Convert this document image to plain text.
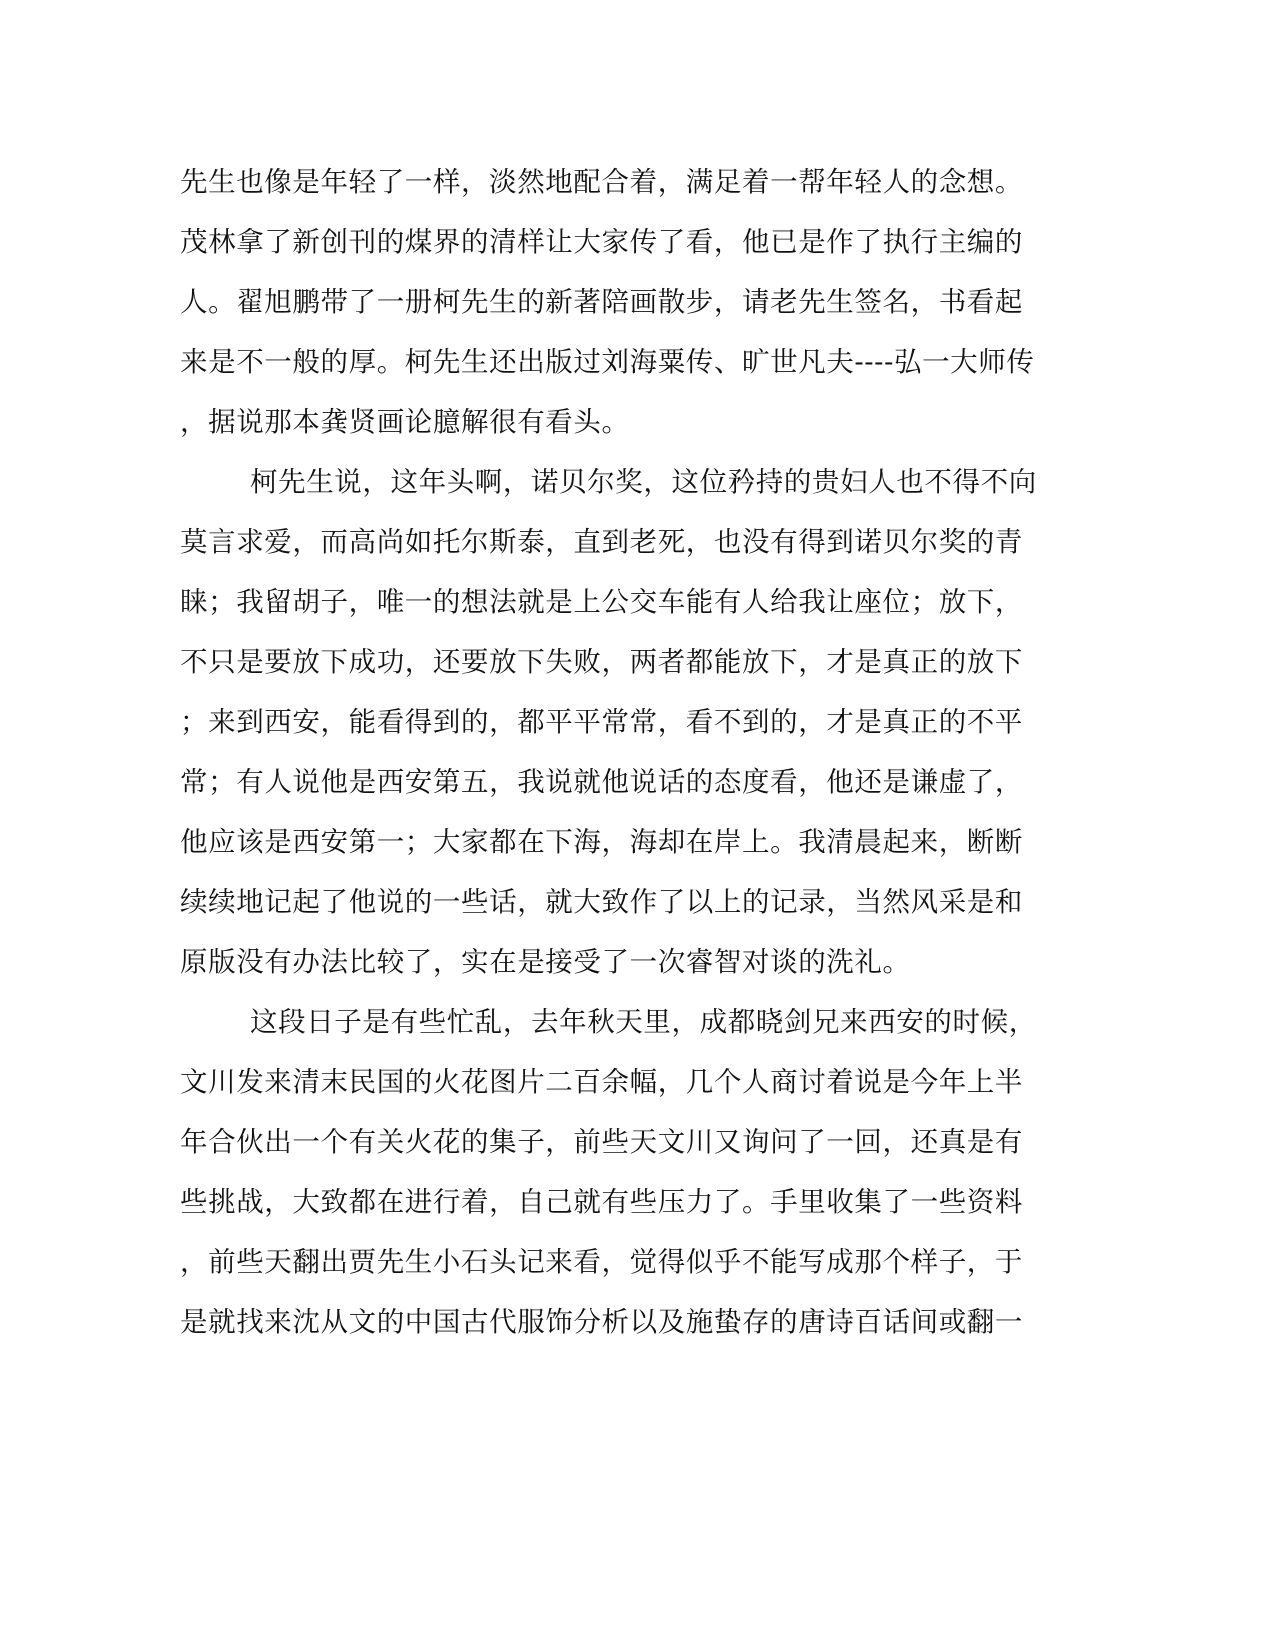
先生也像是年轻了一样，淡然地配合着，满足着一帮年轻人的念想。
茂林拿了新创刊的煤界的清样让大家传了看，他已是作了执行主编的
人。翟旭鹏带了一册柯先生的新著陪画散步，请老先生签名，书看起
来是不一般的厚。柯先生还出版过刘海粟传、旷世凡夫----弘一大师传
，据说那本龚贤画论臆解很有看头。
柯先生说，这年头啊，诺贝尔奖，这位矜持的贵妇人也不得不向
莫言求爱，而高尚如托尔斯泰，直到老死，也没有得到诺贝尔奖的青
睐；我留胡子，唯一的想法就是上公交车能有人给我让座位；放下，
不只是要放下成功，还要放下失败，两者都能放下，才是真正的放下
；来到西安，能看得到的，都平平常常，看不到的，才是真正的不平
常；有人说他是西安第五，我说就他说话的态度看，他还是谦虚了，
他应该是西安第一；大家都在下海，海却在岸上。我清晨起来，断断
续续地记起了他说的一些话，就大致作了以上的记录，当然风采是和
原版没有办法比较了，实在是接受了一次睿智对谈的洗礼。
这段日子是有些忙乱，去年秋天里，成都晓剑兄来西安的时候，
文川发来清末民国的火花图片二百余幅，几个人商讨着说是今年上半
年合伙出一个有关火花的集子，前些天文川又询问了一回，还真是有
些挑战，大致都在进行着，自己就有些压力了。手里收集了一些资料
，前些天翻出贾先生小石头记来看，觉得似乎不能写成那个样子，于
是就找来沈从文的中国古代服饰分析以及施蛰存的唐诗百话间或翻一
